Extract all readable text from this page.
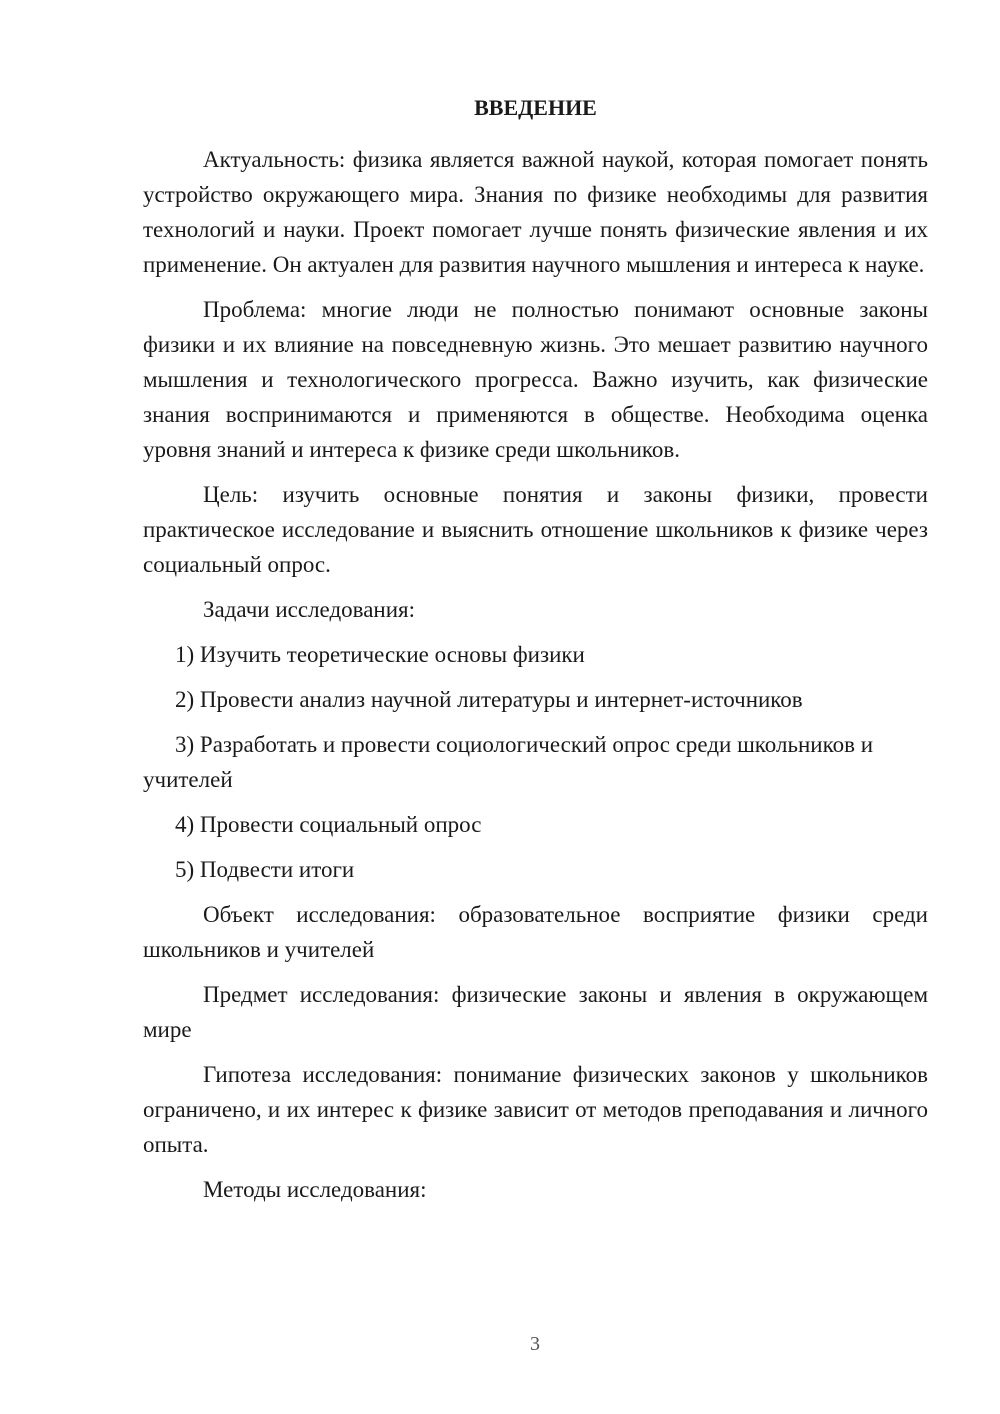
ВВЕДЕНИЕ

Актуальность: физика является важной наукой, которая помогает понять устройство окружающего мира. Знания по физике необходимы для развития технологий и науки. Проект помогает лучше понять физические явления и их применение. Он актуален для развития научного мышления и интереса к науке.

Проблема: многие люди не полностью понимают основные законы физики и их влияние на повседневную жизнь. Это мешает развитию научного мышления и технологического прогресса. Важно изучить, как физические знания воспринимаются и применяются в обществе. Необходима оценка уровня знаний и интереса к физике среди школьников.

Цель: изучить основные понятия и законы физики, провести практическое исследование и выяснить отношение школьников к физике через социальный опрос.

Задачи исследования:

1) Изучить теоретические основы физики

2) Провести анализ научной литературы и интернет-источников

3) Разработать и провести социологический опрос среди школьников и учителей

4) Провести социальный опрос

5) Подвести итоги

Объект исследования: образовательное восприятие физики среди школьников и учителей

Предмет исследования: физические законы и явления в окружающем мире

Гипотеза исследования: понимание физических законов у школьников ограничено, и их интерес к физике зависит от методов преподавания и личного опыта.

Методы исследования:

3
